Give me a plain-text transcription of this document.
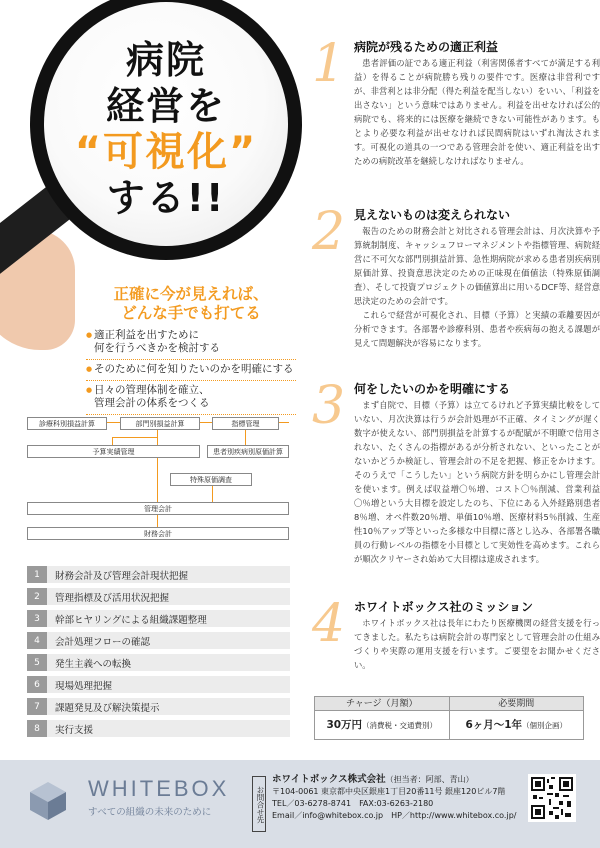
病院
経営を
“可視化”
する!!
正確に今が見えれば、
どんな手でも打てる
● 適正利益を出すために
何を行うべきかを検討する
● そのために何を知りたいのかを明確にする
● 日々の管理体制を確立、
管理会計の体系をつくる
診療科別損益計算	部門別損益計算	指標管理
予算実績管理	患者別疾病別原価計算
特殊原価調査
管理会計
財務会計
1	財務会計及び管理会計現状把握
2	管理指標及び活用状況把握
3	幹部ヒヤリングによる組織課題整理
4	会計処理フローの確認
5	発生主義への転換
6	現場処理把握
7	課題発見及び解決策提示
8	実行支援
1 病院が残るための適正利益

患者評価の証である適正利益（利害関係者すべてが満足する利益）を得ることが病院勝ち残りの要件です。医療は非営利ですが、非営利とは非分配（得た利益を配当しない）をいい、「利益を出さない」という意味ではありません。利益を出せなければ公的病院でも、将来的には医療を継続できない可能性があります。もとより必要な利益が出せなければ民間病院はいずれ淘汰されます。可視化の道具の一つである管理会計を使い、適正利益を出すための病院改革を継続しなければなりません。

2 見えないものは変えられない

報告のための財務会計と対比される管理会計は、月次決算や予算統制制度、キャッシュフローマネジメントや指標管理、病院経営に不可欠な部門別損益計算、急性期病院が求める患者別疾病別原価計算、投資意思決定のための正味現在価値法（特殊原価調査）、そして投資プロジェクトの価値算出に用いるDCF等、経営意思決定のための会計です。

これらで経営が可視化され、目標（予算）と実績の乖離要因が分析できます。各部署や診療科別、患者や疾病毎の抱える課題が見えて問題解決が容易になります。

3 何をしたいのかを明確にする

まず自院で、目標（予算）は立てるけれど予算実績比較をしていない、月次決算は行うが会計処理が不正確、タイミングが遅く数字が使えない、部門別損益を計算するが配賦が不明瞭で信用されない、たくさんの指標があるが分析されない、といったことがないかどうか検証し、管理会計の不足を把握、修正をかけます。そのうえで「こうしたい」という病院方針を明らかにし管理会計を使います。例えば収益増〇％増、コスト〇％削減、営業利益〇％増という大目標を設定したのち、下位にある入外経路別患者8％増、オペ件数20％増、単価10％増、医療材料5％削減、生産性10％アップ等といった多様な中目標に落とし込み、各部署各職員の行動レベルの指標を小目標として実効性を高めます。これらが順次クリヤーされ始めて大目標は達成されます。

4 ホワイトボックス社のミッション

ホワイトボックス社は長年にわたり医療機関の経営支援を行ってきました。私たちは病院会計の専門家として管理会計の仕組みづくりや実際の運用支援を行います。ご要望をお聞かせください。

チャージ（月額）	必要期間
30万円（消費税・交通費別）	6ヶ月〜1年（個別企画）
WHITEBOX
すべての組織の未来のために	お問合せ先
ホワイトボックス株式会社（担当者：阿部、青山）
〒104-0061 東京都中央区銀座1丁目20番11号 銀座120ビル7階
TEL／03-6278-8741　FAX:03-6263-2180
Email／info@whitebox.co.jp　HP／http://www.whitebox.co.jp/
